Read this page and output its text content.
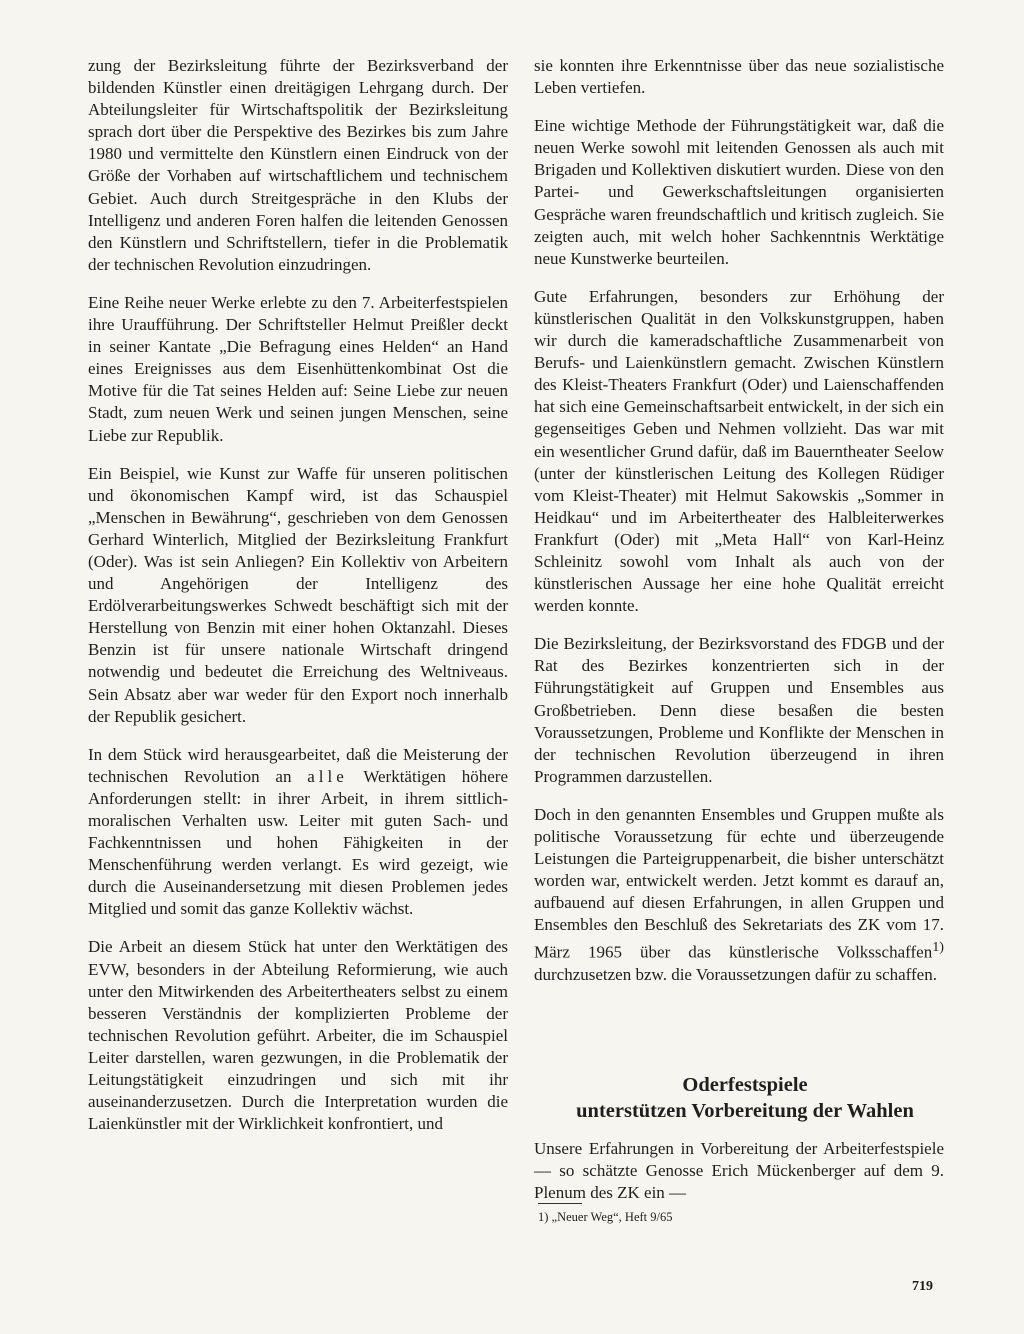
zung der Bezirksleitung führte der Bezirksverband der bildenden Künstler einen dreitägigen Lehrgang durch. Der Abteilungsleiter für Wirtschaftspolitik der Bezirksleitung sprach dort über die Perspektive des Bezirkes bis zum Jahre 1980 und vermittelte den Künstlern einen Eindruck von der Größe der Vorhaben auf wirtschaftlichem und technischem Gebiet. Auch durch Streitgespräche in den Klubs der Intelligenz und anderen Foren halfen die leitenden Genossen den Künstlern und Schriftstellern, tiefer in die Problematik der technischen Revolution einzudringen.

Eine Reihe neuer Werke erlebte zu den 7. Arbeiterfestspielen ihre Uraufführung. Der Schriftsteller Helmut Preißler deckt in seiner Kantate „Die Befragung eines Helden“ an Hand eines Ereignisses aus dem Eisenhüttenkombinat Ost die Motive für die Tat seines Helden auf: Seine Liebe zur neuen Stadt, zum neuen Werk und seinen jungen Menschen, seine Liebe zur Republik.

Ein Beispiel, wie Kunst zur Waffe für unseren politischen und ökonomischen Kampf wird, ist das Schauspiel „Menschen in Bewährung“, geschrieben von dem Genossen Gerhard Winterlich, Mitglied der Bezirksleitung Frankfurt (Oder). Was ist sein Anliegen? Ein Kollektiv von Arbeitern und Angehörigen der Intelligenz des Erdölverarbeitungswerkes Schwedt beschäftigt sich mit der Herstellung von Benzin mit einer hohen Oktanzahl. Dieses Benzin ist für unsere nationale Wirtschaft dringend notwendig und bedeutet die Erreichung des Weltniveaus. Sein Absatz aber war weder für den Export noch innerhalb der Republik gesichert.

In dem Stück wird herausgearbeitet, daß die Meisterung der technischen Revolution an alle Werktätigen höhere Anforderungen stellt: in ihrer Arbeit, in ihrem sittlich-moralischen Verhalten usw. Leiter mit guten Sach- und Fachkenntnissen und hohen Fähigkeiten in der Menschenführung werden verlangt. Es wird gezeigt, wie durch die Auseinandersetzung mit diesen Problemen jedes Mitglied und somit das ganze Kollektiv wächst.

Die Arbeit an diesem Stück hat unter den Werktätigen des EVW, besonders in der Abteilung Reformierung, wie auch unter den Mitwirkenden des Arbeitertheaters selbst zu einem besseren Verständnis der komplizierten Probleme der technischen Revolution geführt. Arbeiter, die im Schauspiel Leiter darstellen, waren gezwungen, in die Problematik der Leitungstätigkeit einzudringen und sich mit ihr auseinanderzusetzen. Durch die Interpretation wurden die Laienkünstler mit der Wirklichkeit konfrontiert, und

sie konnten ihre Erkenntnisse über das neue sozialistische Leben vertiefen.

Eine wichtige Methode der Führungstätigkeit war, daß die neuen Werke sowohl mit leitenden Genossen als auch mit Brigaden und Kollektiven diskutiert wurden. Diese von den Partei- und Gewerkschaftsleitungen organisierten Gespräche waren freundschaftlich und kritisch zugleich. Sie zeigten auch, mit welch hoher Sachkenntnis Werktätige neue Kunstwerke beurteilen.

Gute Erfahrungen, besonders zur Erhöhung der künstlerischen Qualität in den Volkskunstgruppen, haben wir durch die kameradschaftliche Zusammenarbeit von Berufs- und Laienkünstlern gemacht. Zwischen Künstlern des Kleist-Theaters Frankfurt (Oder) und Laienschaffenden hat sich eine Gemeinschaftsarbeit entwickelt, in der sich ein gegenseitiges Geben und Nehmen vollzieht. Das war mit ein wesentlicher Grund dafür, daß im Bauerntheater Seelow (unter der künstlerischen Leitung des Kollegen Rüdiger vom Kleist-Theater) mit Helmut Sakowskis „Sommer in Heidkau“ und im Arbeitertheater des Halbleiterwerkes Frankfurt (Oder) mit „Meta Hall“ von Karl-Heinz Schleinitz sowohl vom Inhalt als auch von der künstlerischen Aussage her eine hohe Qualität erreicht werden konnte.

Die Bezirksleitung, der Bezirksvorstand des FDGB und der Rat des Bezirkes konzentrierten sich in der Führungstätigkeit auf Gruppen und Ensembles aus Großbetrieben. Denn diese besaßen die besten Voraussetzungen, Probleme und Konflikte der Menschen in der technischen Revolution überzeugend in ihren Programmen darzustellen.

Doch in den genannten Ensembles und Gruppen mußte als politische Voraussetzung für echte und überzeugende Leistungen die Parteigruppenarbeit, die bisher unterschätzt worden war, entwickelt werden. Jetzt kommt es darauf an, aufbauend auf diesen Erfahrungen, in allen Gruppen und Ensembles den Beschluß des Sekretariats des ZK vom 17. März 1965 über das künstlerische Volksschaffen$^{1)}$ durchzusetzen bzw. die Voraussetzungen dafür zu schaffen.

Oderfestspiele

unterstützen Vorbereitung der Wahlen

Unsere Erfahrungen in Vorbereitung der Arbeiterfestspiele — so schätzte Genosse Erich Mückenberger auf dem 9. Plenum des ZK ein —

1) „Neuer Weg“, Heft 9/65
719
